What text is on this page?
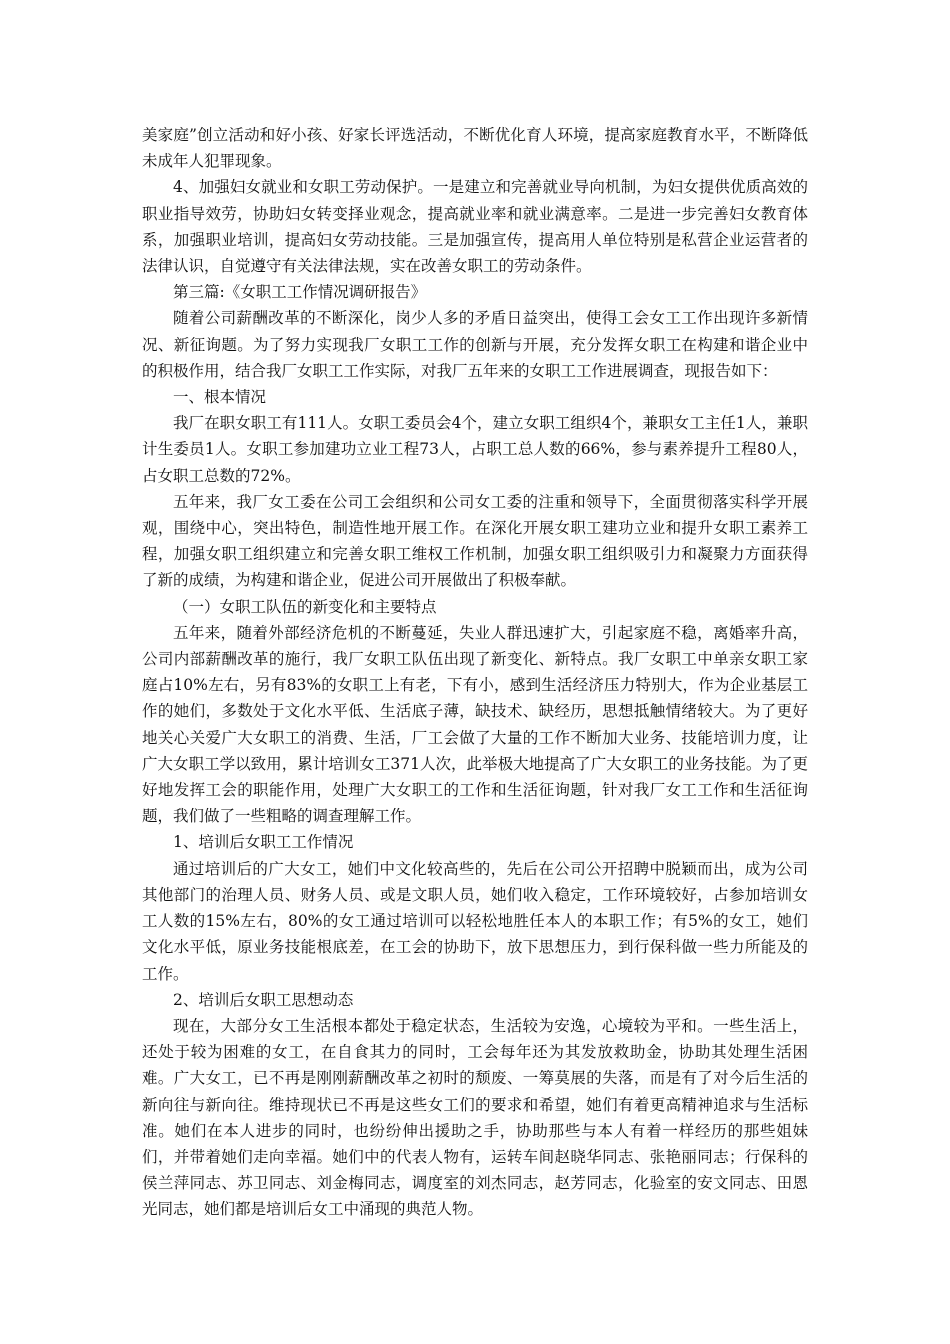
美家庭”创立活动和好小孩、好家长评选活动，不断优化育人环境，提高家庭教育水平，不断降低未成年人犯罪现象。

4、加强妇女就业和女职工劳动保护。一是建立和完善就业导向机制，为妇女提供优质高效的职业指导效劳，协助妇女转变择业观念，提高就业率和就业满意率。二是进一步完善妇女教育体系，加强职业培训，提高妇女劳动技能。三是加强宣传，提高用人单位特别是私营企业运营者的法律认识，自觉遵守有关法律法规，实在改善女职工的劳动条件。

第三篇:《女职工工作情况调研报告》

随着公司薪酬改革的不断深化，岗少人多的矛盾日益突出，使得工会女工工作出现许多新情况、新征询题。为了努力实现我厂女职工工作的创新与开展，充分发挥女职工在构建和谐企业中的积极作用，结合我厂女职工工作实际，对我厂五年来的女职工工作进展调查，现报告如下：

一、根本情况

我厂在职女职工有111人。女职工委员会4个，建立女职工组织4个，兼职女工主任1人，兼职计生委员1人。女职工参加建功立业工程73人，占职工总人数的66%，参与素养提升工程80人，占女职工总数的72%。

五年来，我厂女工委在公司工会组织和公司女工委的注重和领导下，全面贯彻落实科学开展观，围绕中心，突出特色，制造性地开展工作。在深化开展女职工建功立业和提升女职工素养工程，加强女职工组织建立和完善女职工维权工作机制，加强女职工组织吸引力和凝聚力方面获得了新的成绩，为构建和谐企业，促进公司开展做出了积极奉献。

（一）女职工队伍的新变化和主要特点

五年来，随着外部经济危机的不断蔓延，失业人群迅速扩大，引起家庭不稳，离婚率升高，公司内部薪酬改革的施行，我厂女职工队伍出现了新变化、新特点。我厂女职工中单亲女职工家庭占10%左右，另有83%的女职工上有老，下有小，感到生活经济压力特别大，作为企业基层工作的她们，多数处于文化水平低、生活底子薄，缺技术、缺经历，思想抵触情绪较大。为了更好地关心关爱广大女职工的消费、生活，厂工会做了大量的工作不断加大业务、技能培训力度，让广大女职工学以致用，累计培训女工371人次，此举极大地提高了广大女职工的业务技能。为了更好地发挥工会的职能作用，处理广大女职工的工作和生活征询题，针对我厂女工工作和生活征询题，我们做了一些粗略的调查理解工作。

1、培训后女职工工作情况

通过培训后的广大女工，她们中文化较高些的，先后在公司公开招聘中脱颖而出，成为公司其他部门的治理人员、财务人员、或是文职人员，她们收入稳定，工作环境较好，占参加培训女工人数的15%左右，80%的女工通过培训可以轻松地胜任本人的本职工作；有5%的女工，她们文化水平低，原业务技能根底差，在工会的协助下，放下思想压力，到行保科做一些力所能及的工作。

2、培训后女职工思想动态

现在，大部分女工生活根本都处于稳定状态，生活较为安逸，心境较为平和。一些生活上，还处于较为困难的女工，在自食其力的同时，工会每年还为其发放救助金，协助其处理生活困难。广大女工，已不再是刚刚薪酬改革之初时的颓废、一筹莫展的失落，而是有了对今后生活的新向往与新向往。维持现状已不再是这些女工们的要求和希望，她们有着更高精神追求与生活标准。她们在本人进步的同时，也纷纷伸出援助之手，协助那些与本人有着一样经历的那些姐妹们，并带着她们走向幸福。她们中的代表人物有，运转车间赵晓华同志、张艳丽同志；行保科的侯兰萍同志、苏卫同志、刘金梅同志，调度室的刘杰同志，赵芳同志，化验室的安文同志、田恩光同志，她们都是培训后女工中涌现的典范人物。
